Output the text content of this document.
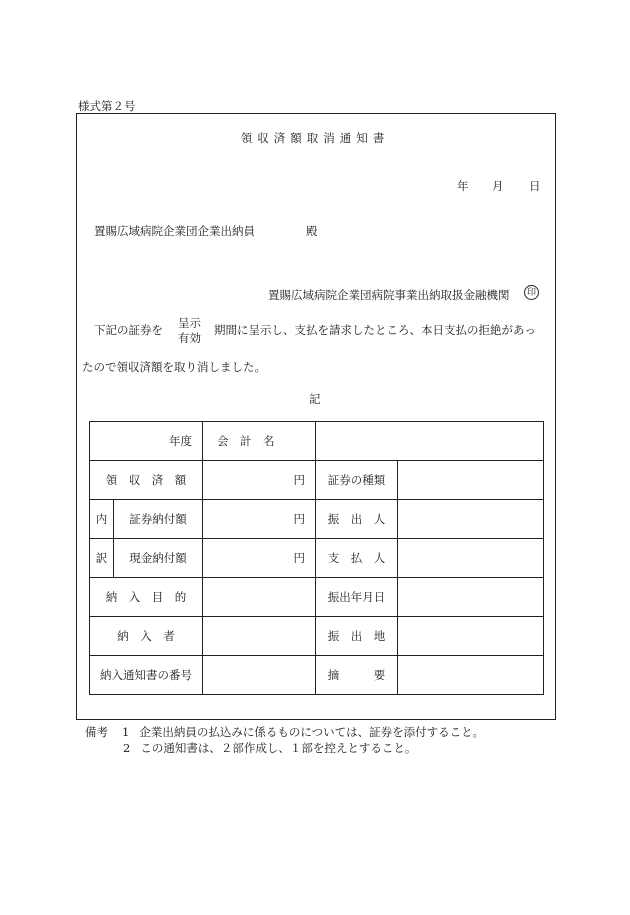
様式第２号
領収済額取消通知書
年 月 日
置賜広域病院企業団企業出納員	殿
置賜広域病院企業団病院事業出納取扱金融機関	印
下記の証券を 呈示
有効
期間に呈示し、支払を請求したところ、本日支払の拒絶があっ
たので領収済額を取り消しました。
記
年度		会　計　名		
領　収　済　額		円	証券の種類	
内	証券納付額	円	振　出　人	
訳	現金納付額	円	支　払　人	
納　入　目　的			振出年月日	
納　入　者			振　出　地	
納入通知書の番号			摘　　　要	
備考 1 企業出納員の払込みに係るものについては、証券を添付すること。
2 この通知書は、２部作成し、１部を控えとすること。
